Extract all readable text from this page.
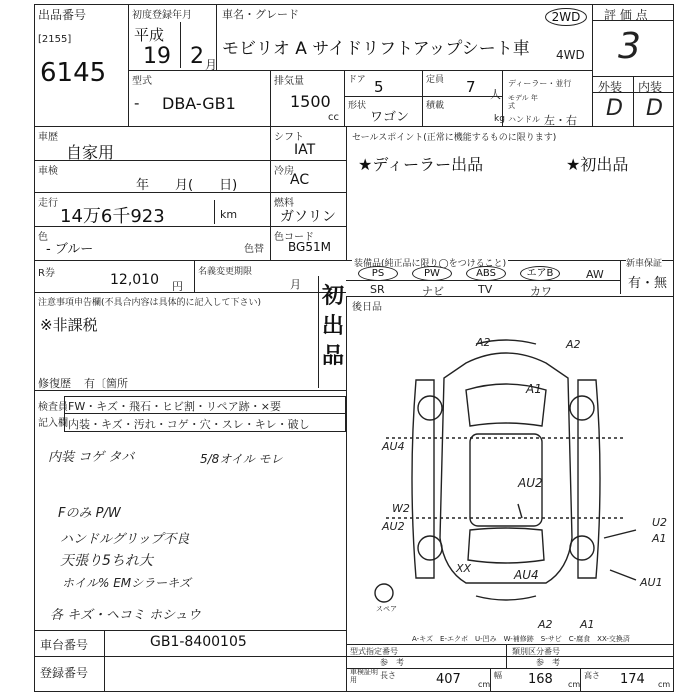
出品番号
[2155]
6145
初度登録年月
平成
19 2 月
車名・グレード
モビリオ A サイドリフトアップシート車
2WD
4WD
評 価 点
3
型式
- DBA-GB1
排気量
1500
cc
ドア 5	定員 7 人
形状
ワゴン
積載
kg
ディーラー・並行
モデル 年式
ハンドル 左・右
外装 内装
D D
車歴
自家用
車検
年　　月(　　日)
走行
14万6千923	km
色
- ブルー	色替
シフト
IAT
冷房
AC
燃料
ガソリン
色コード
BG51M
セールスポイント(正常に機能するものに限ります)
★ディーラー出品	★初出品
R券	12,010 円
名義変更期限
月
装備品(純正品に限り◯をつけること)	新車保証
PS	PW	ABS	エアB	AW
SR	ナビ	TV	カワ
有・無
後日品
注意事項申告欄(不具合内容は具体的に記入して下さい)
※非課税
初出品
修復歴 有〔箇所
検査員
記入欄
FW・キズ・飛石・ヒビ割・リペア跡・×要
内装・キズ・汚れ・コゲ・穴・スレ・キレ・破し
内装 コゲ タバ	5/8オイル モレ
Fのみ P/W
ハンドルグリップ不良
天張り5ちれ大
ホイル% EMシラーキズ
各 キズ・ヘコミ ホシュウ
A2	A2
A1
AU4
AU2
W2
AU2	U2
A1
AU4
AU1
A2 A1
XX
スペア
A-キズ　E-エクボ　U-凹み　W-補修跡　S-サビ　C-腐食　XX-交換済
車台番号	GB1-8400105
登録番号
型式指定番号
参　考
類別区分番号
参　考
車検証明用	長さ	407 cm
幅 168 cm
高さ 174 cm
